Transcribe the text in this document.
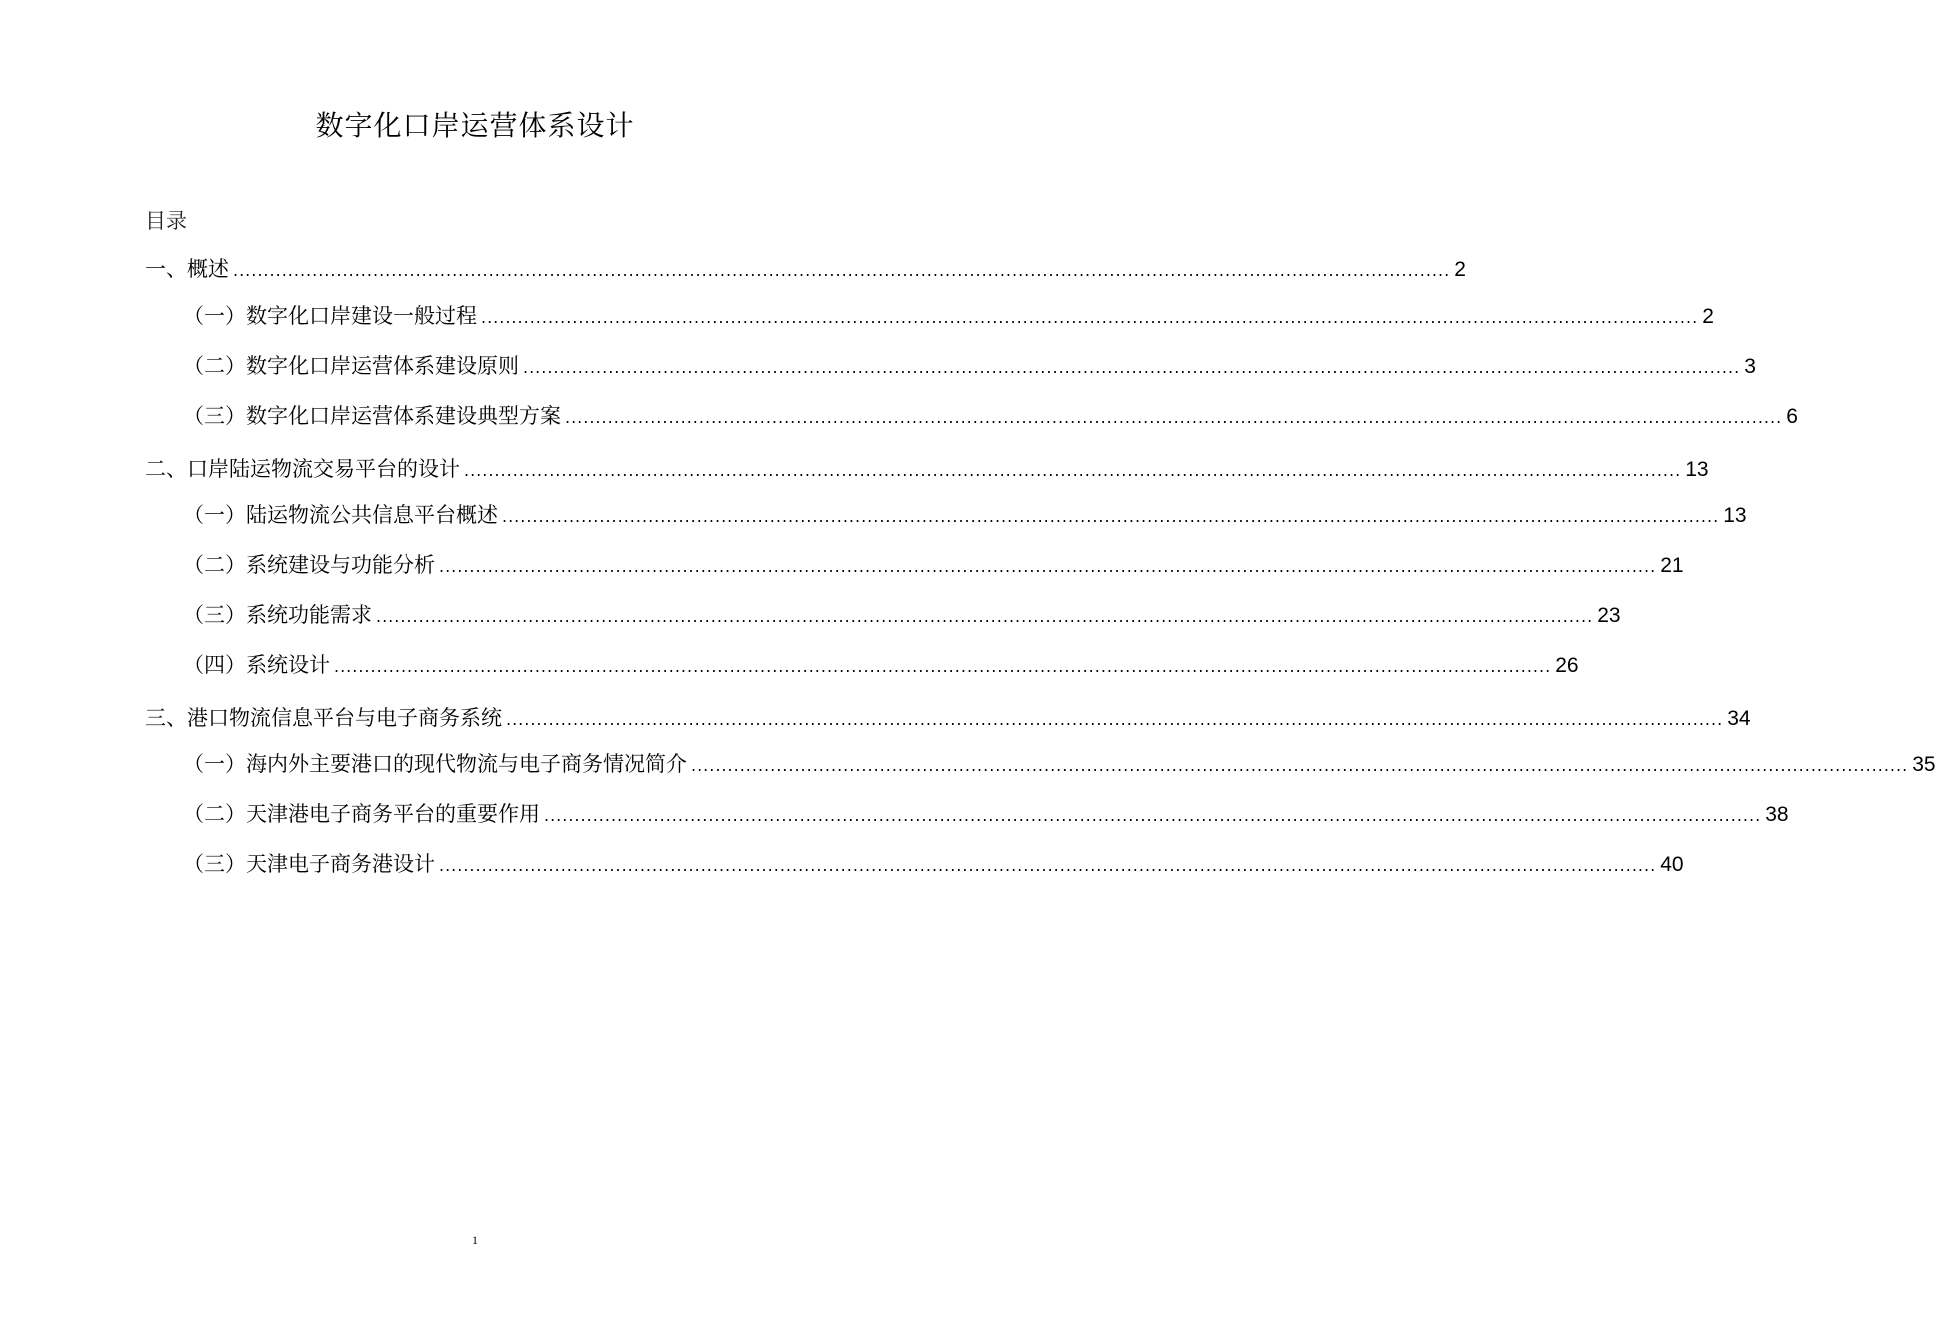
数字化口岸运营体系设计
目录
一、 概述 ........................................................................................................................................................................................................ 2
（一） 数字化口岸建设一般过程 ........................................................................................................................................................................................................ 2
（二） 数字化口岸运营体系建设原则 ........................................................................................................................................................................................................ 3
（三） 数字化口岸运营体系建设典型方案 ........................................................................................................................................................................................................ 6
二、 口岸陆运物流交易平台的设计 ........................................................................................................................................................................................................ 13
（一） 陆运物流公共信息平台概述 ........................................................................................................................................................................................................ 13
（二） 系统建设与功能分析 ........................................................................................................................................................................................................ 21
（三） 系统功能需求 ........................................................................................................................................................................................................ 23
（四） 系统设计 ........................................................................................................................................................................................................ 26
三、 港口物流信息平台与电子商务系统 ........................................................................................................................................................................................................ 34
（一） 海内外主要港口的现代物流与电子商务情况简介 ........................................................................................................................................................................................................ 35
（二） 天津港电子商务平台的重要作用 ........................................................................................................................................................................................................ 38
（三） 天津电子商务港设计 ........................................................................................................................................................................................................ 40
1
